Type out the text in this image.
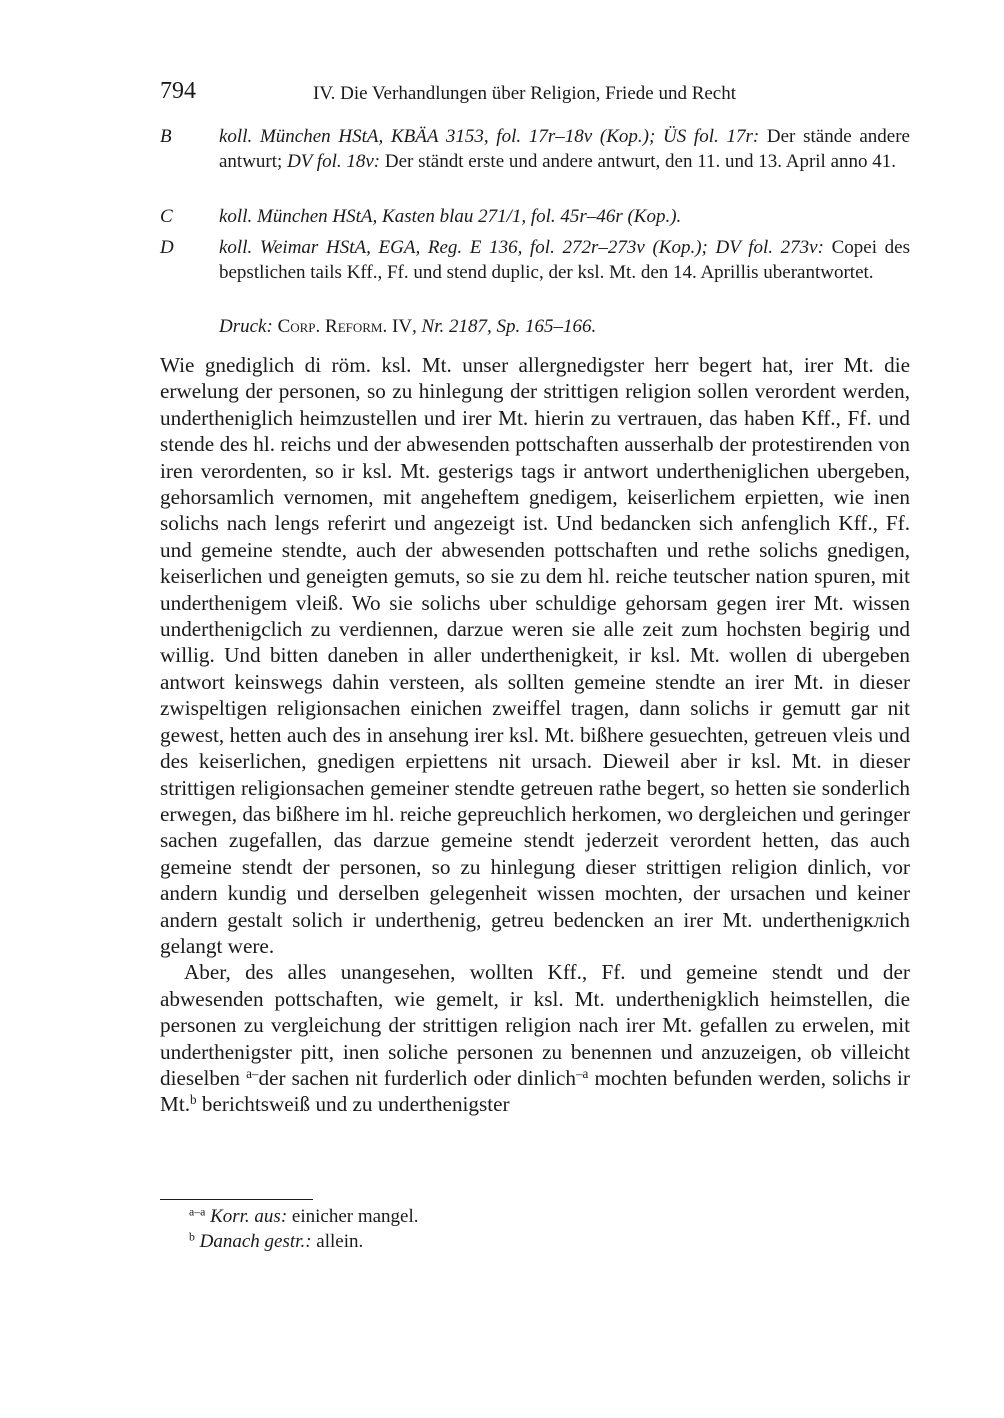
794	IV. Die Verhandlungen über Religion, Friede und Recht
B koll. München HStA, KBÄA 3153, fol. 17r–18v (Kop.); ÜS fol. 17r: Der stände andere antwurt; DV fol. 18v: Der ständt erste und andere antwurt, den 11. und 13. April anno 41.
C koll. München HStA, Kasten blau 271/1, fol. 45r–46r (Kop.).
D koll. Weimar HStA, EGA, Reg. E 136, fol. 272r–273v (Kop.); DV fol. 273v: Copei des bepstlichen tails Kff., Ff. und stend duplic, der ksl. Mt. den 14. Aprillis uberantwortet.
Druck: Corp. Reform. IV, Nr. 2187, Sp. 165–166.

Wie gnediglich di röm. ksl. Mt. unser allergnedigster herr begert hat, irer Mt. die erwelung der personen, so zu hinlegung der strittigen religion sollen verordent werden, undertheniglich heimzustellen und irer Mt. hierin zu vertrauen, das haben Kff., Ff. und stende des hl. reichs und der abwesenden pottschaften ausserhalb der protestirenden von iren verordenten, so ir ksl. Mt. gesterigs tags ir antwort undertheniglichen ubergeben, gehorsamlich vernomen, mit angeheftem gnedigem, keiserlichem erpietten, wie inen solichs nach lengs referirt und angezeigt ist. Und bedancken sich anfenglich Kff., Ff. und gemeine stendte, auch der abwesenden pottschaften und rethe solichs gnedigen, keiserlichen und geneigten gemuts, so sie zu dem hl. reiche teutscher nation spuren, mit underthenigem vleiß. Wo sie solichs uber schuldige gehorsam gegen irer Mt. wissen underthenigclich zu verdiennen, darzue weren sie alle zeit zum hochsten begirig und willig. Und bitten daneben in aller underthenigkeit, ir ksl. Mt. wollen di ubergeben antwort keinswegs dahin versteen, als sollten gemeine stendte an irer Mt. in dieser zwispeltigen religionsachen einichen zweiffel tragen, dann solichs ir gemutt gar nit gewest, hetten auch des in ansehung irer ksl. Mt. bißhere gesuechten, getreuen vleis und des keiserlichen, gnedigen erpiettens nit ursach. Dieweil aber ir ksl. Mt. in dieser strittigen religionsachen gemeiner stendte getreuen rathe begert, so hetten sie sonderlich erwegen, das bißhere im hl. reiche gepreuchlich herkomen, wo dergleichen und geringer sachen zugefallen, das darzue gemeine stendt jederzeit verordent hetten, das auch gemeine stendt der personen, so zu hinlegung dieser strittigen religion dinlich, vor andern kundig und derselben gelegenheit wissen mochten, der ursachen und keiner andern gestalt solich ir underthenig, getreu bedencken an irer Mt. underthenigклich gelangt were.

Aber, des alles unangesehen, wollten Kff., Ff. und gemeine stendt und der abwesenden pottschaften, wie gemelt, ir ksl. Mt. underthenigklich heimstellen, die personen zu vergleichung der strittigen religion nach irer Mt. gefallen zu erwelen, mit underthenigster pitt, inen soliche personen zu benennen und anzuzeigen, ob villeicht dieselben $^{a-}$der sachen nit furderlich oder dinlich$^{-a}$ mochten befunden werden, solichs ir Mt.$^b$ berichtsweiß und zu underthenigster

$^{a-a}$ Korr. aus: einicher mangel.
$^b$ Danach gestr.: allein.
